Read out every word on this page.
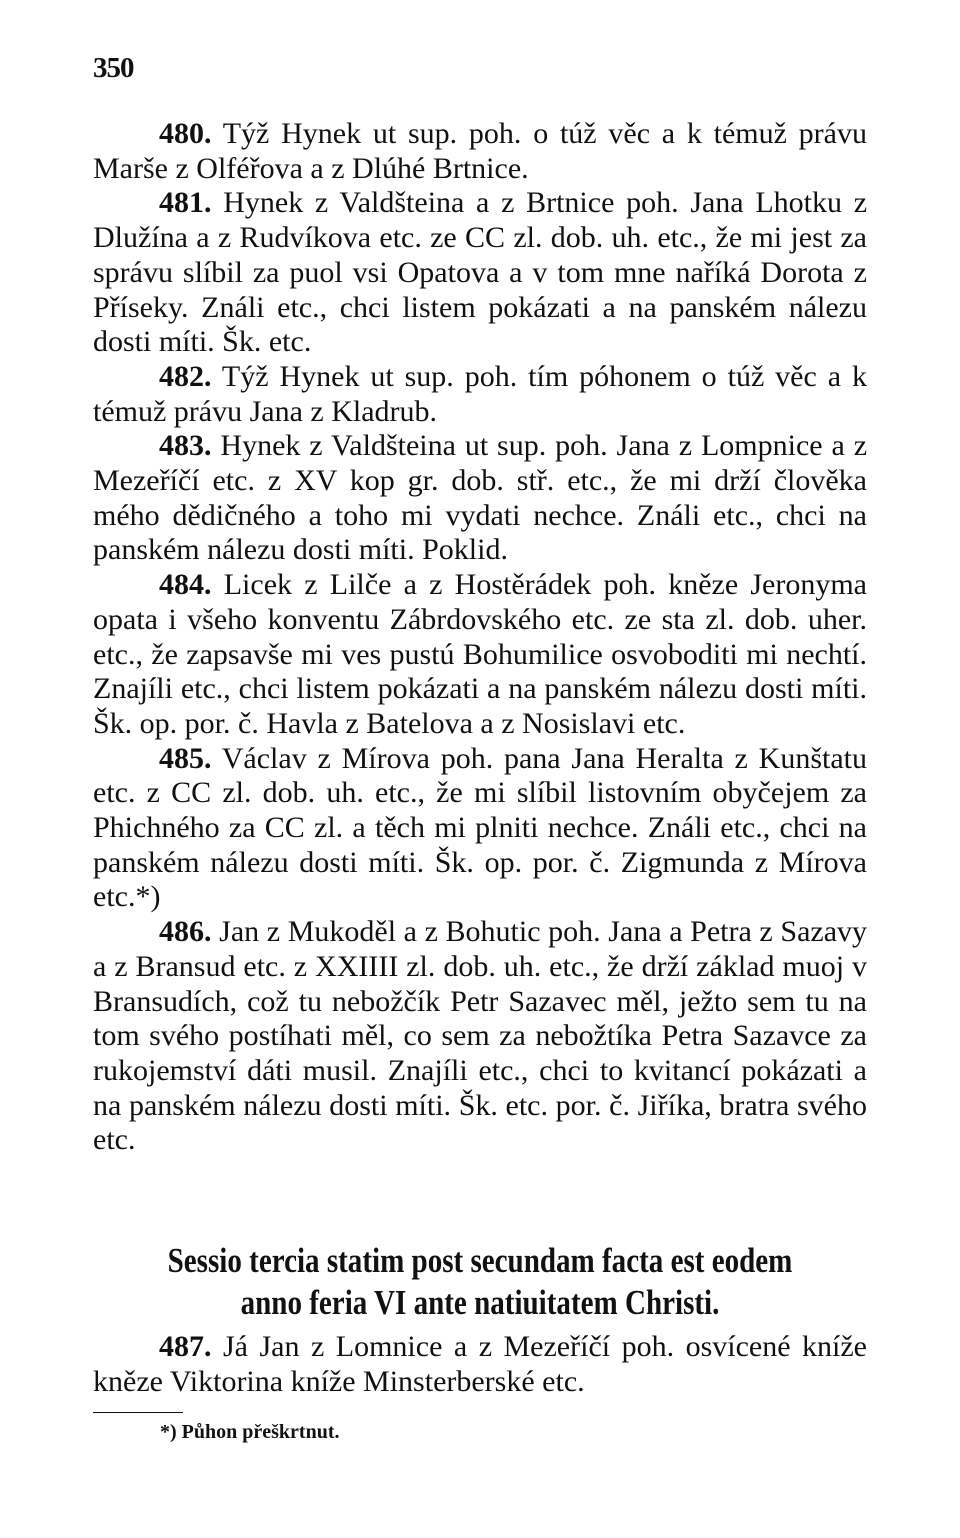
350

480. Týž Hynek ut sup. poh. o túž věc a k témuž právu Marše z Olféřova a z Dlúhé Brtnice.

481. Hynek z Valdšteina a z Brtnice poh. Jana Lhotku z Dlužína a z Rudvíkova etc. ze CC zl. dob. uh. etc., že mi jest za správu slíbil za puol vsi Opatova a v tom mne naříká Dorota z Příseky. Ználi etc., chci listem pokázati a na panském nálezu dosti míti. Šk. etc.

482. Týž Hynek ut sup. poh. tím póhonem o túž věc a k témuž právu Jana z Kladrub.

483. Hynek z Valdšteina ut sup. poh. Jana z Lompnice a z Mezeříčí etc. z XV kop gr. dob. stř. etc., že mi drží člověka mého dědičného a toho mi vydati nechce. Ználi etc., chci na panském nálezu dosti míti. Poklid.

484. Licek z Lilče a z Hostěrádek poh. kněze Jeronyma opata i všeho konventu Zábrdovského etc. ze sta zl. dob. uher. etc., že zapsavše mi ves pustú Bohumilice osvoboditi mi nechtí. Znajíli etc., chci listem pokázati a na panském nálezu dosti míti. Šk. op. por. č. Havla z Batelova a z Nosislavi etc.

485. Václav z Mírova poh. pana Jana Heralta z Kunštatu etc. z CC zl. dob. uh. etc., že mi slíbil listovním obyčejem za Phichného za CC zl. a těch mi plniti nechce. Ználi etc., chci na panském nálezu dosti míti. Šk. op. por. č. Zigmunda z Mírova etc.*)

486. Jan z Mukoděl a z Bohutic poh. Jana a Petra z Sazavy a z Bransud etc. z XXIIII zl. dob. uh. etc., že drží základ muoj v Bransudích, což tu nebožčík Petr Sazavec měl, ježto sem tu na tom svého postíhati měl, co sem za nebožtíka Petra Sazavce za rukojemství dáti musil. Znajíli etc., chci to kvitancí pokázati a na panském nálezu dosti míti. Šk. etc. por. č. Jiříka, bratra svého etc.

Sessio tercia statim post secundam facta est eodem anno feria VI ante natiuitatem Christi.

487. Já Jan z Lomnice a z Mezeříčí poh. osvícené kníže kněze Viktorina kníže Minsterberské etc.

*) Půhon přeškrtnut.
